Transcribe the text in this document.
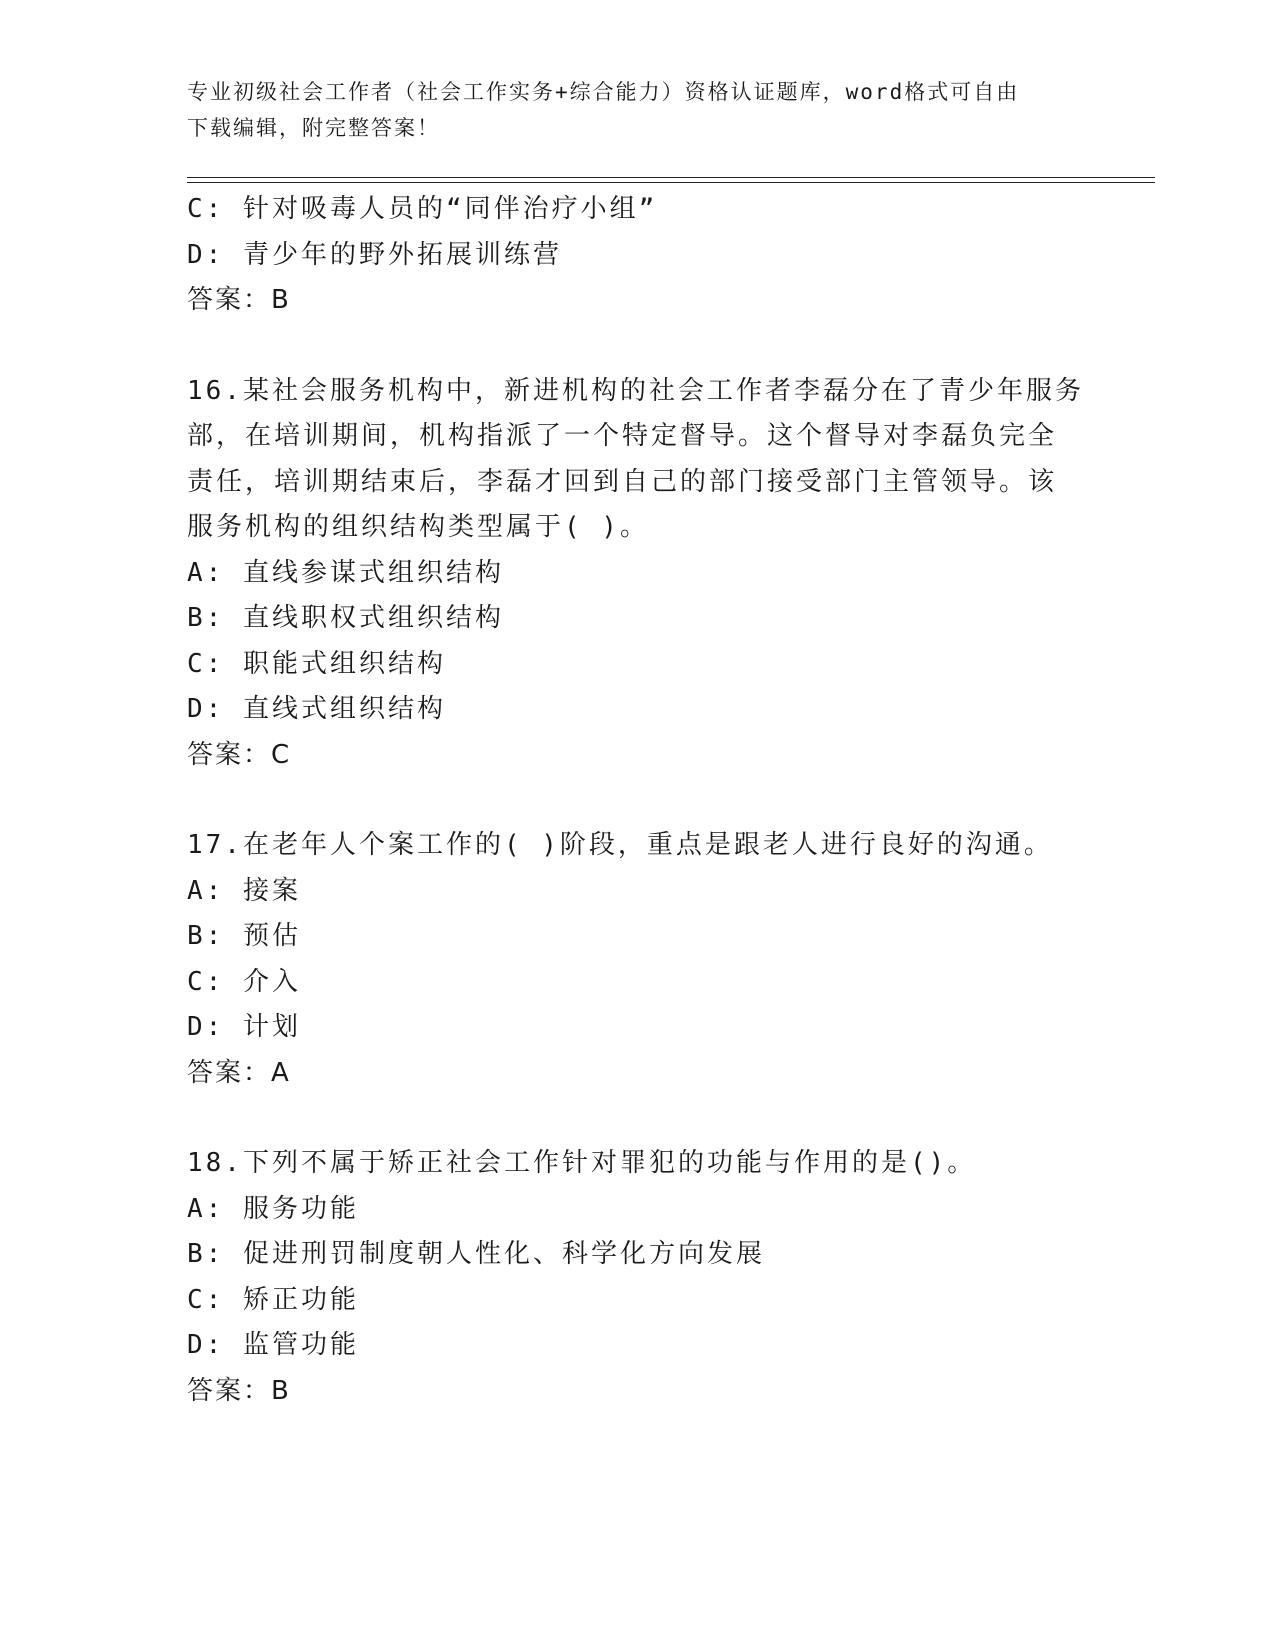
专业初级社会工作者（社会工作实务+综合能力）资格认证题库，word格式可自由
下载编辑，附完整答案！
C: 针对吸毒人员的“同伴治疗小组”
D: 青少年的野外拓展训练营
答案：B
16.某社会服务机构中，新进机构的社会工作者李磊分在了青少年服务
部，在培训期间，机构指派了一个特定督导。这个督导对李磊负完全
责任，培训期结束后，李磊才回到自己的部门接受部门主管领导。该
服务机构的组织结构类型属于( )。
A: 直线参谋式组织结构
B: 直线职权式组织结构
C: 职能式组织结构
D: 直线式组织结构
答案：C
17.在老年人个案工作的( )阶段，重点是跟老人进行良好的沟通。
A: 接案
B: 预估
C: 介入
D: 计划
答案：A
18.下列不属于矫正社会工作针对罪犯的功能与作用的是()。
A: 服务功能
B: 促进刑罚制度朝人性化、科学化方向发展
C: 矫正功能
D: 监管功能
答案：B
